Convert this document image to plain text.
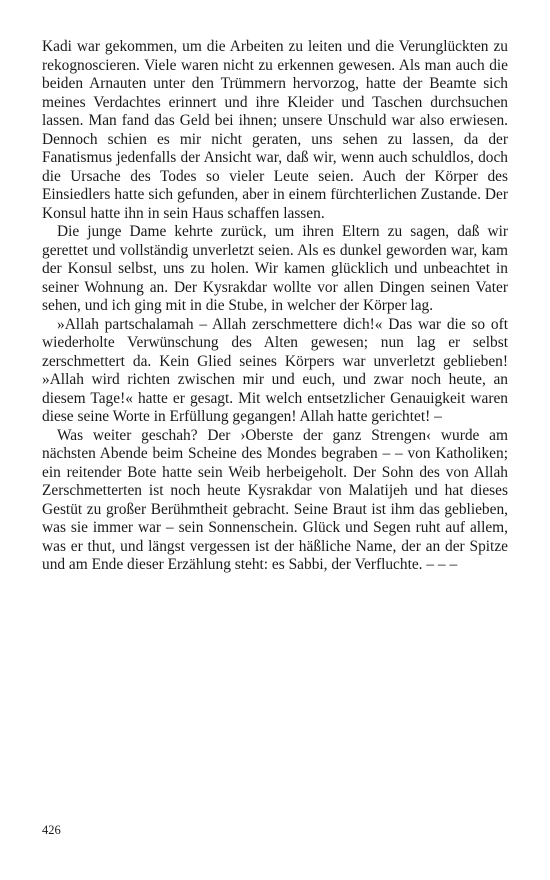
Kadi war gekommen, um die Arbeiten zu leiten und die Verunglückten zu rekognoscieren. Viele waren nicht zu erkennen gewesen. Als man auch die beiden Arnauten unter den Trümmern hervorzog, hatte der Beamte sich meines Verdachtes erinnert und ihre Kleider und Taschen durchsuchen lassen. Man fand das Geld bei ihnen; unsere Unschuld war also erwiesen. Dennoch schien es mir nicht geraten, uns sehen zu lassen, da der Fanatismus jedenfalls der Ansicht war, daß wir, wenn auch schuldlos, doch die Ursache des Todes so vieler Leute seien. Auch der Körper des Einsiedlers hatte sich gefunden, aber in einem fürchterlichen Zustande. Der Konsul hatte ihn in sein Haus schaffen lassen.

Die junge Dame kehrte zurück, um ihren Eltern zu sagen, daß wir gerettet und vollständig unverletzt seien. Als es dunkel geworden war, kam der Konsul selbst, uns zu holen. Wir kamen glücklich und unbeachtet in seiner Wohnung an. Der Kysrakdar wollte vor allen Dingen seinen Vater sehen, und ich ging mit in die Stube, in welcher der Körper lag.

»Allah partschalamah – Allah zerschmettere dich!« Das war die so oft wiederholte Verwünschung des Alten gewesen; nun lag er selbst zerschmettert da. Kein Glied seines Körpers war unverletzt geblieben! »Allah wird richten zwischen mir und euch, und zwar noch heute, an diesem Tage!« hatte er gesagt. Mit welch entsetzlicher Genauigkeit waren diese seine Worte in Erfüllung gegangen! Allah hatte gerichtet! –

Was weiter geschah? Der ›Oberste der ganz Strengen‹ wurde am nächsten Abende beim Scheine des Mondes begraben – – von Katholiken; ein reitender Bote hatte sein Weib herbeigeholt. Der Sohn des von Allah Zerschmetterten ist noch heute Kysrakdar von Malatijeh und hat dieses Gestüt zu großer Berühmtheit gebracht. Seine Braut ist ihm das geblieben, was sie immer war – sein Sonnenschein. Glück und Segen ruht auf allem, was er thut, und längst vergessen ist der häßliche Name, der an der Spitze und am Ende dieser Erzählung steht: es Sabbi, der Verfluchte. – – –

426
